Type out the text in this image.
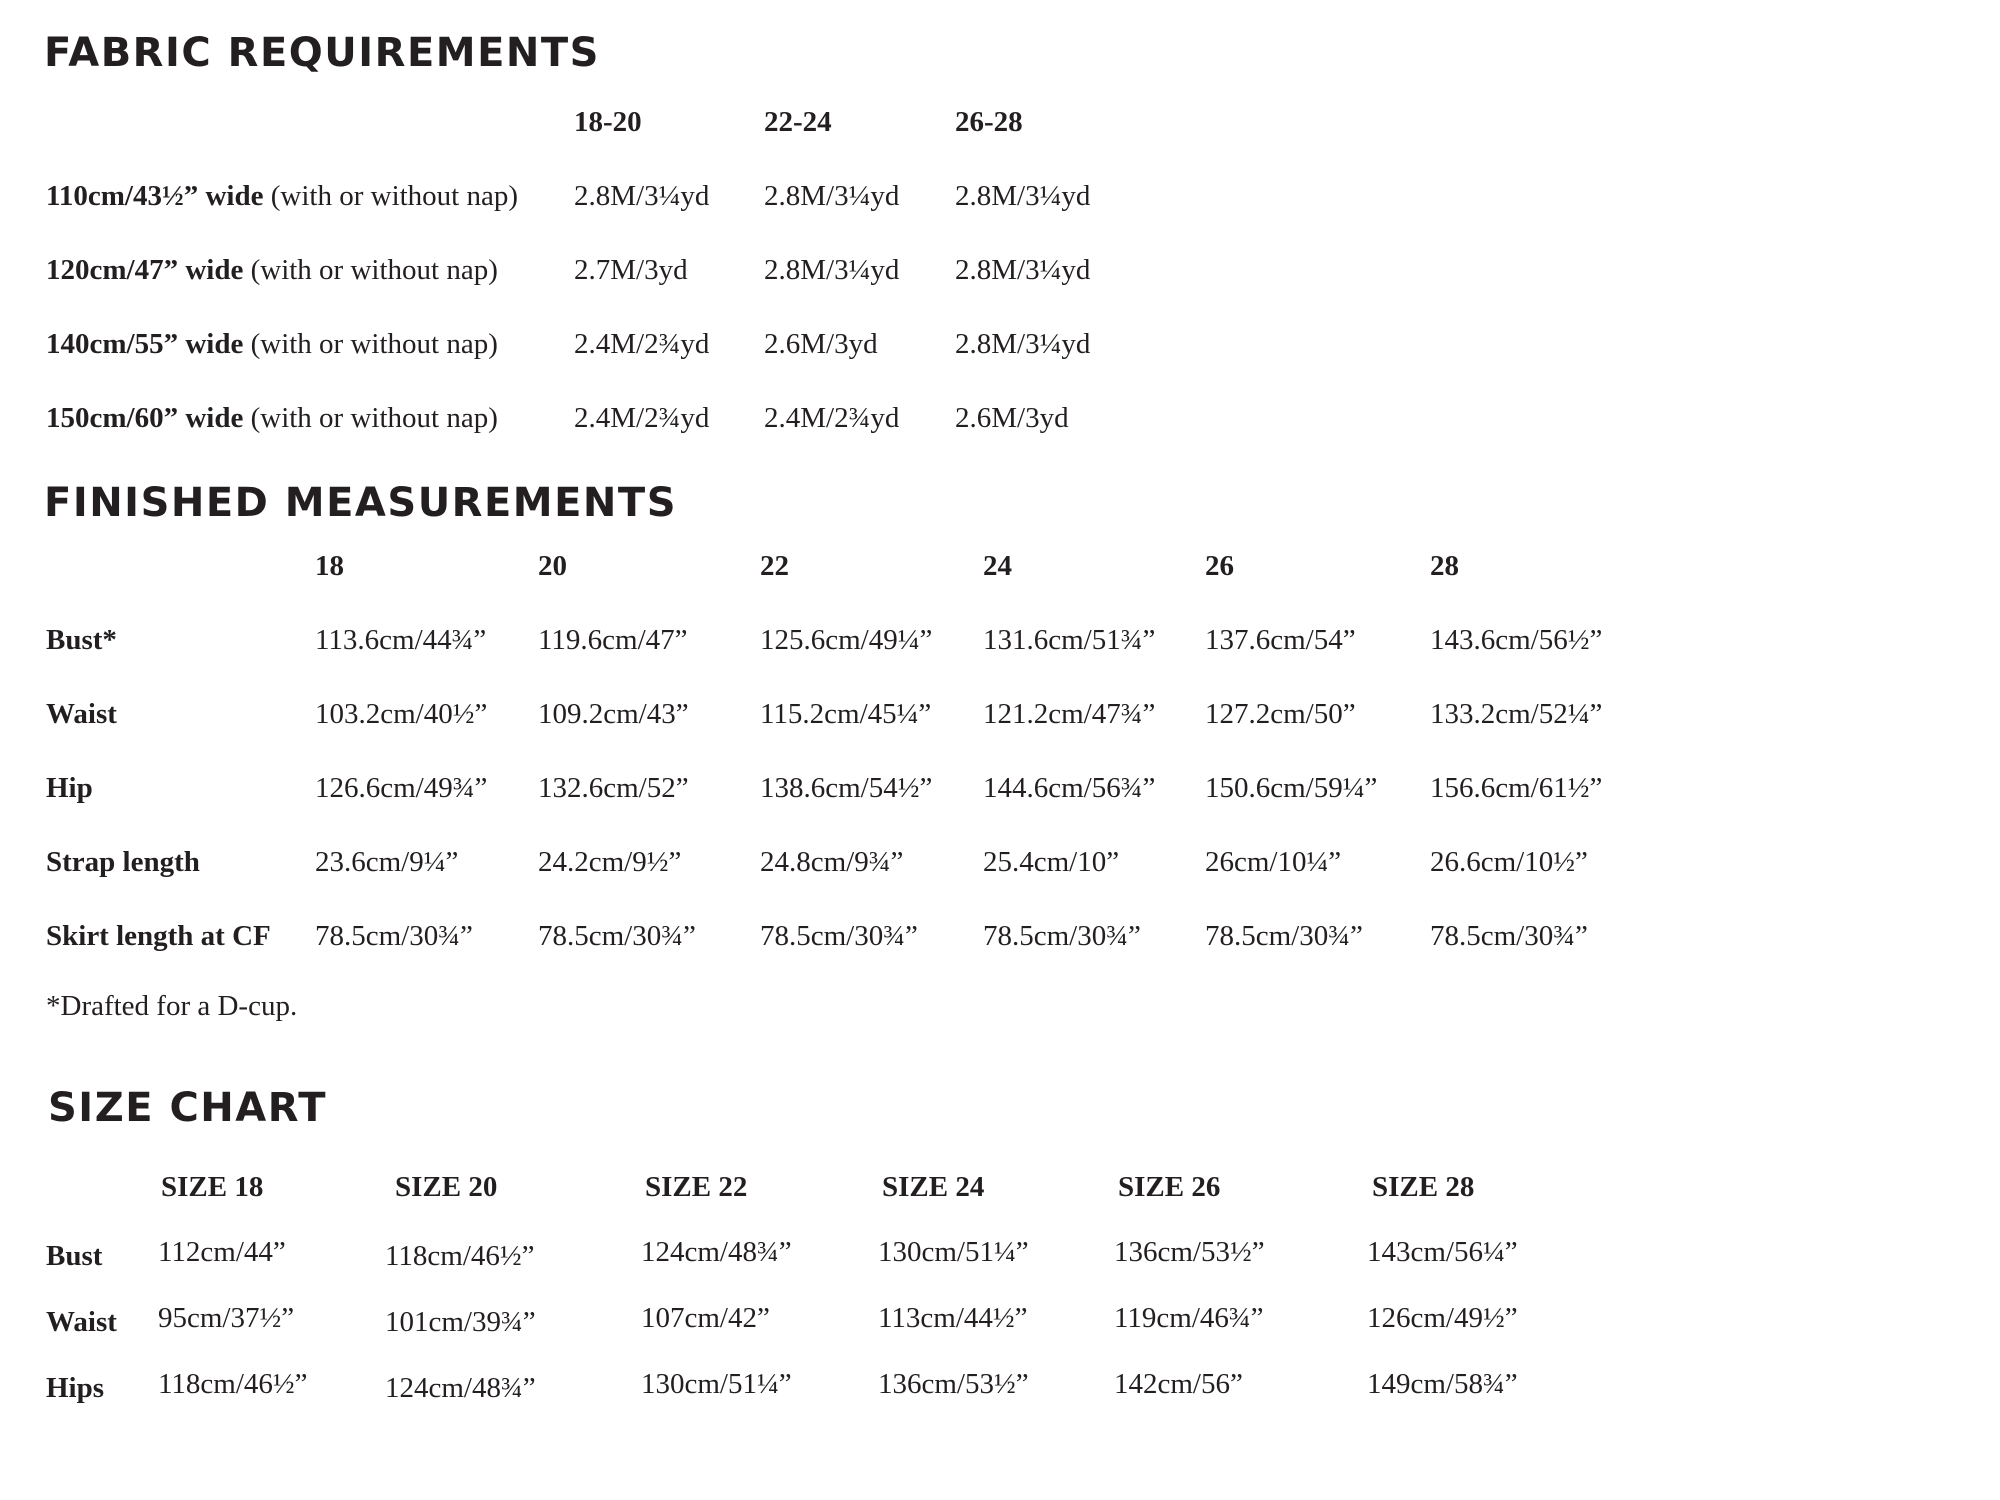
FABRIC REQUIREMENTS
18-20	22-24	26-28
110cm/43½” wide (with or without nap) 2.8M/3¼yd 2.8M/3¼yd 2.8M/3¼yd
120cm/47” wide (with or without nap)	2.7M/3yd	2.8M/3¼yd 2.8M/3¼yd
140cm/55” wide (with or without nap)	2.4M/2¾yd 2.6M/3yd	2.8M/3¼yd
150cm/60” wide (with or without nap)	2.4M/2¾yd 2.4M/2¾yd 2.6M/3yd
FINISHED MEASUREMENTS
18	20	22	24	26	28
Bust*	113.6cm/44¾” 119.6cm/47” 125.6cm/49¼” 131.6cm/51¾” 137.6cm/54”	143.6cm/56½”
Waist	103.2cm/40½” 109.2cm/43” 115.2cm/45¼” 121.2cm/47¾” 127.2cm/50”	133.2cm/52¼”
Hip	126.6cm/49¾” 132.6cm/52” 138.6cm/54½” 144.6cm/56¾” 150.6cm/59¼” 156.6cm/61½”
Strap length	23.6cm/9¼”	24.2cm/9½”	24.8cm/9¾”	25.4cm/10”	26cm/10¼”	26.6cm/10½”
Skirt length at CF 78.5cm/30¾” 78.5cm/30¾” 78.5cm/30¾” 78.5cm/30¾” 78.5cm/30¾” 78.5cm/30¾”
*Drafted for a D-cup.
SIZE CHART
SIZE 18	SIZE 20	SIZE 22	SIZE 24	SIZE 26	SIZE 28
Bust 112cm/44”	118cm/46½”	124cm/48¾”	130cm/51¼”	136cm/53½”	143cm/56¼”
Waist 95cm/37½”	101cm/39¾”	107cm/42”	113cm/44½”	119cm/46¾”	126cm/49½”
Hips 118cm/46½”	124cm/48¾”	130cm/51¼”	136cm/53½”	142cm/56”	149cm/58¾”
